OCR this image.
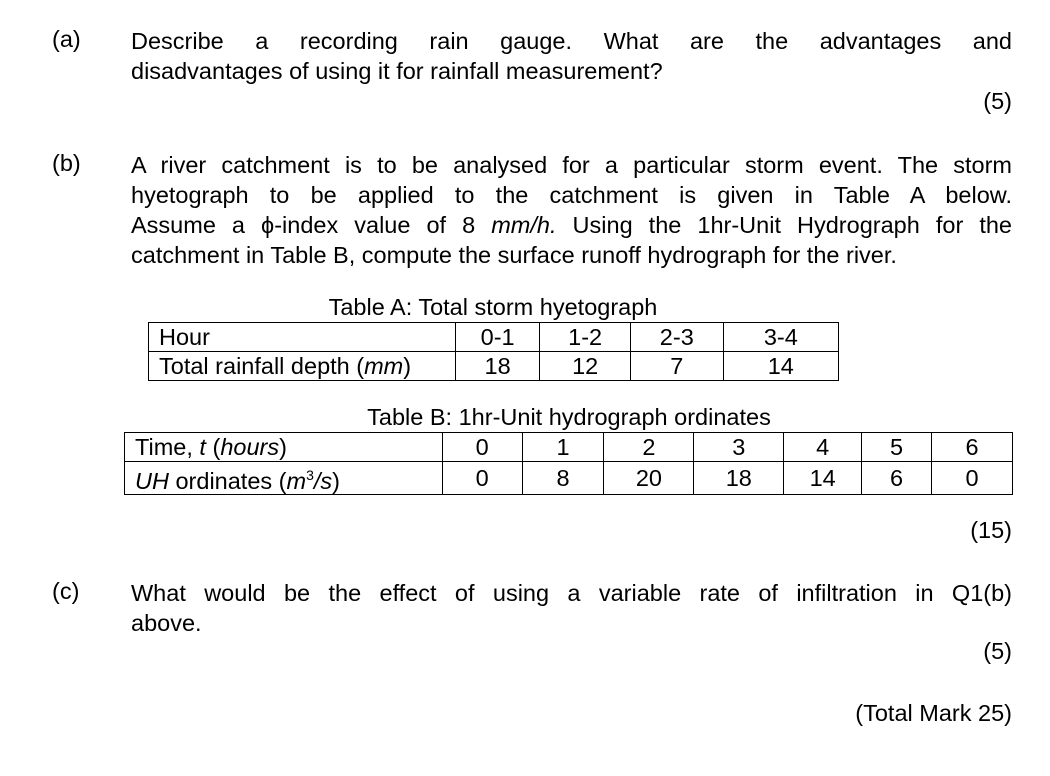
(a) Describe a recording rain gauge. What are the advantages and
disadvantages of using it for rainfall measurement?
(5)
(b) A river catchment is to be analysed for a particular storm event. The storm
hyetograph to be applied to the catchment is given in Table A below.
Assume a ϕ-index value of 8 mm/h. Using the 1hr-Unit Hydrograph for the
catchment in Table B, compute the surface runoff hydrograph for the river.
Table A: Total storm hyetograph
Hour	0-1	1-2	2-3	3-4
Total rainfall depth (mm)	18	12	7	14
Table B: 1hr-Unit hydrograph ordinates
Time, t (hours)	0	1	2	3	4	5	6
UH ordinates $(m^3/s)$	0	8	20	18	14	6	0
(15)
(c) What would be the effect of using a variable rate of infiltration in Q1(b)
above.
(5)
(Total Mark 25)
